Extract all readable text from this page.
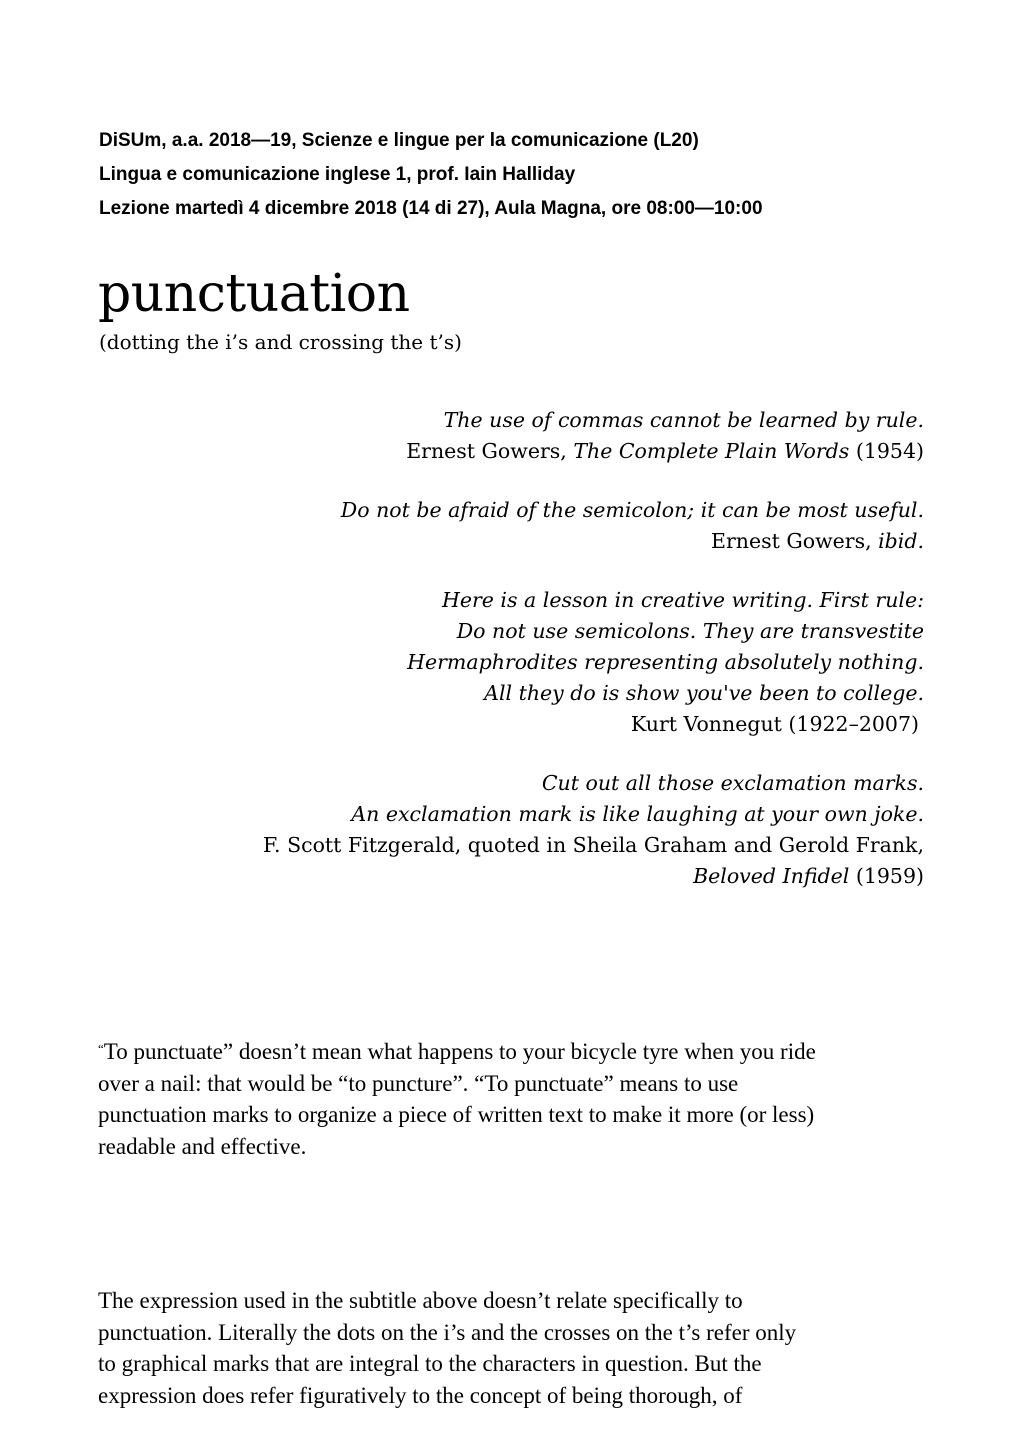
DiSUm, a.a. 2018—19, Scienze e lingue per la comunicazione (L20)
Lingua e comunicazione inglese 1, prof. Iain Halliday
Lezione martedì 4 dicembre 2018 (14 di 27), Aula Magna, ore 08:00—10:00
punctuation
(dotting the i’s and crossing the t’s)
The use of commas cannot be learned by rule.
Ernest Gowers, The Complete Plain Words (1954)
Do not be afraid of the semicolon; it can be most useful.
Ernest Gowers, ibid.
Here is a lesson in creative writing. First rule:
Do not use semicolons. They are transvestite
Hermaphrodites representing absolutely nothing.
All they do is show you've been to college.
Kurt Vonnegut (1922–2007)
Cut out all those exclamation marks.
An exclamation mark is like laughing at your own joke.
F. Scott Fitzgerald, quoted in Sheila Graham and Gerold Frank,
Beloved Infidel (1959)

“To punctuate” doesn’t mean what happens to your bicycle tyre when you ride
over a nail: that would be “to puncture”. “To punctuate” means to use
punctuation marks to organize a piece of written text to make it more (or less)
readable and effective.

The expression used in the subtitle above doesn’t relate specifically to
punctuation. Literally the dots on the i’s and the crosses on the t’s refer only
to graphical marks that are integral to the characters in question. But the
expression does refer figuratively to the concept of being thorough, of
